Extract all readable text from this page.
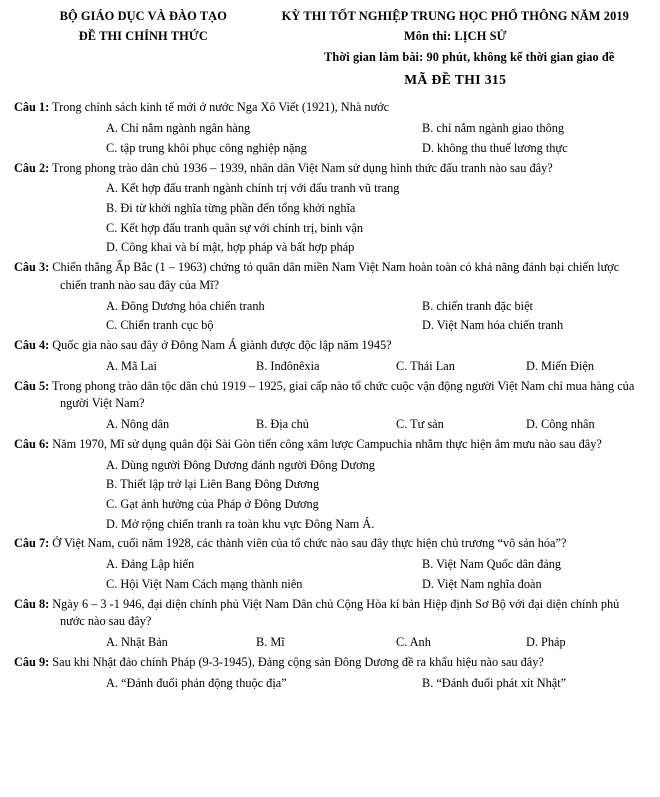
BỘ GIÁO DỤC VÀ ĐÀO TẠO
ĐỀ THI CHÍNH THỨC
KỲ THI TỐT NGHIỆP TRUNG HỌC PHỔ THÔNG NĂM 2019
Môn thi: LỊCH SỬ
Thời gian làm bài: 90 phút, không kể thời gian giao đề
MÃ ĐỀ THI 315
Câu 1: Trong chính sách kinh tế mới ở nước Nga Xô Viết (1921), Nhà nước
A. Chỉ nắm ngành ngân hàng	B. chỉ nắm ngành giao thông
C. tập trung khôi phục công nghiệp nặng	D. không thu thuế lương thực
Câu 2: Trong phong trào dân chủ 1936 – 1939, nhân dân Việt Nam sử dụng hình thức đấu tranh nào sau đây?
A. Kết hợp đấu tranh ngành chính trị với đấu tranh vũ trang
B. Đi từ khởi nghĩa từng phần đến tổng khởi nghĩa
C. Kết hợp đấu tranh quân sự với chính trị, binh vận
D. Công khai và bí mật, hợp pháp và bất hợp pháp
Câu 3: Chiến thắng Ấp Bắc (1 – 1963) chứng tỏ quân dân miền Nam Việt Nam hoàn toàn có khả năng đánh bại chiến lược chiến tranh nào sau đây của Mĩ?
A. Đông Dương hóa chiến tranh	B. chiến tranh đặc biệt
C. Chiến tranh cục bộ	D. Việt Nam hóa chiến tranh
Câu 4: Quốc gia nào sau đây ở Đông Nam Á giành được độc lập năm 1945?
A. Mã Lai	B. Inđônêxia	C. Thái Lan	D. Miến Điện
Câu 5: Trong phong trào dân tộc dân chủ 1919 – 1925, giai cấp nào tổ chức cuộc vận động người Việt Nam chỉ mua hàng của người Việt Nam?
A. Nông dân	B. Địa chủ	C. Tư sản	D. Công nhân
Câu 6: Năm 1970, Mĩ sử dụng quân đội Sài Gòn tiến công xâm lược Campuchia nhằm thực hiện âm mưu nào sau đây?
A. Dùng người Đông Dương đánh người Đông Dương
B. Thiết lập trở lại Liên Bang Đông Dương
C. Gạt ảnh hưởng của Pháp ở Đông Dương
D. Mở rộng chiến tranh ra toàn khu vực Đông Nam Á.
Câu 7: Ở Việt Nam, cuối năm 1928, các thành viên của tổ chức nào sau đây thực hiện chủ trương “vô sản hóa”?
A. Đảng Lập hiến	B. Việt Nam Quốc dân đảng
C. Hội Việt Nam Cách mạng thành niên	D. Việt Nam nghĩa đoàn
Câu 8: Ngày 6 – 3 -1 946, đại diện chính phủ Việt Nam Dân chủ Cộng Hòa kí bản Hiệp định Sơ Bộ với đại diện chính phủ nước nào sau đây?
A. Nhật Bản	B. Mĩ	C. Anh	D. Pháp
Câu 9: Sau khi Nhật đảo chính Pháp (9-3-1945), Đảng cộng sản Đông Dương đề ra khẩu hiệu nào sau đây?
A. “Đánh đuổi phản động thuộc địa”	B. “Đánh đuổi phát xít Nhật”
